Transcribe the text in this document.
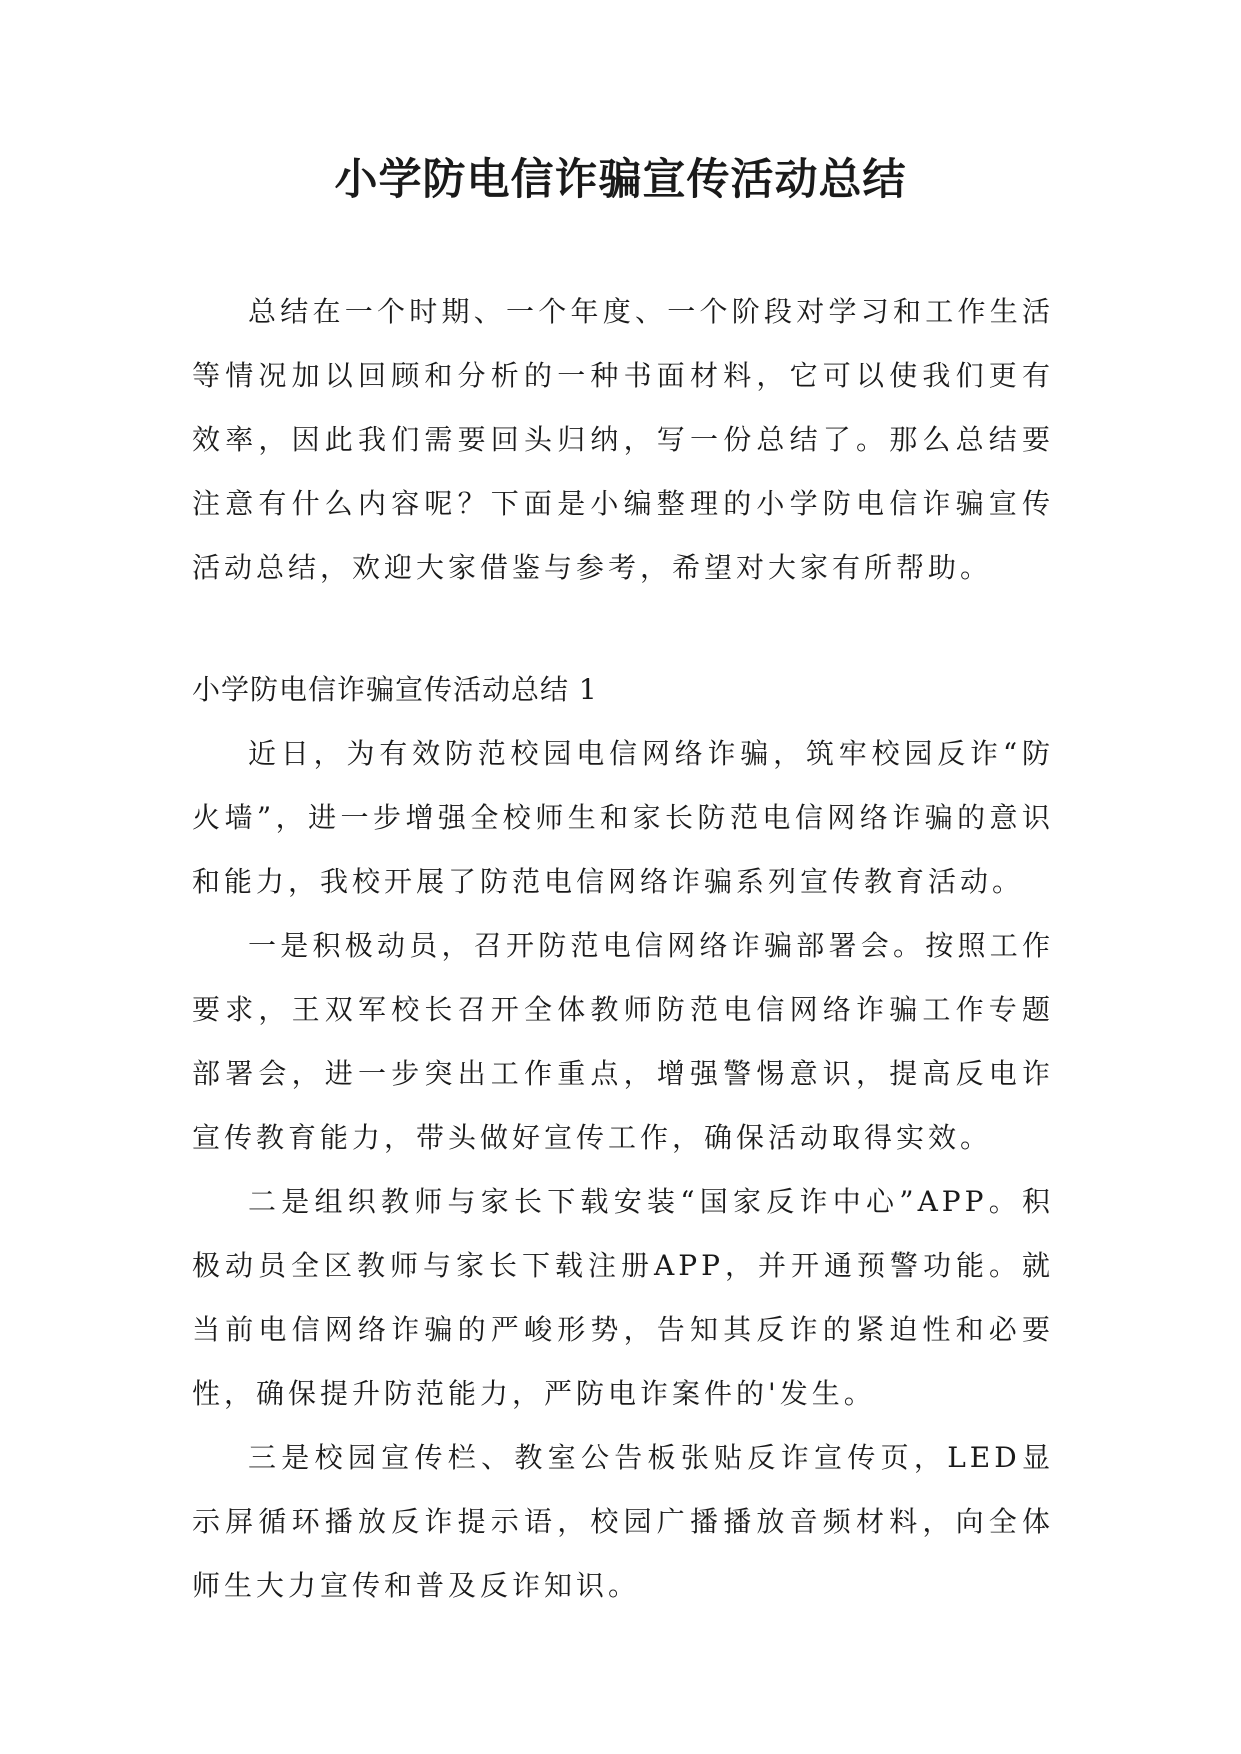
小学防电信诈骗宣传活动总结

总结在一个时期、一个年度、一个阶段对学习和工作生活等情况加以回顾和分析的一种书面材料，它可以使我们更有效率，因此我们需要回头归纳，写一份总结了。那么总结要注意有什么内容呢？下面是小编整理的小学防电信诈骗宣传活动总结，欢迎大家借鉴与参考，希望对大家有所帮助。

小学防电信诈骗宣传活动总结 1

近日，为有效防范校园电信网络诈骗，筑牢校园反诈“防火墙”，进一步增强全校师生和家长防范电信网络诈骗的意识和能力，我校开展了防范电信网络诈骗系列宣传教育活动。

一是积极动员，召开防范电信网络诈骗部署会。按照工作要求，王双军校长召开全体教师防范电信网络诈骗工作专题部署会，进一步突出工作重点，增强警惕意识，提高反电诈宣传教育能力，带头做好宣传工作，确保活动取得实效。

二是组织教师与家长下载安装“国家反诈中心”APP。积极动员全区教师与家长下载注册APP，并开通预警功能。就当前电信网络诈骗的严峻形势，告知其反诈的紧迫性和必要性，确保提升防范能力，严防电诈案件的'发生。

三是校园宣传栏、教室公告板张贴反诈宣传页，LED显示屏循环播放反诈提示语，校园广播播放音频材料，向全体师生大力宣传和普及反诈知识。
